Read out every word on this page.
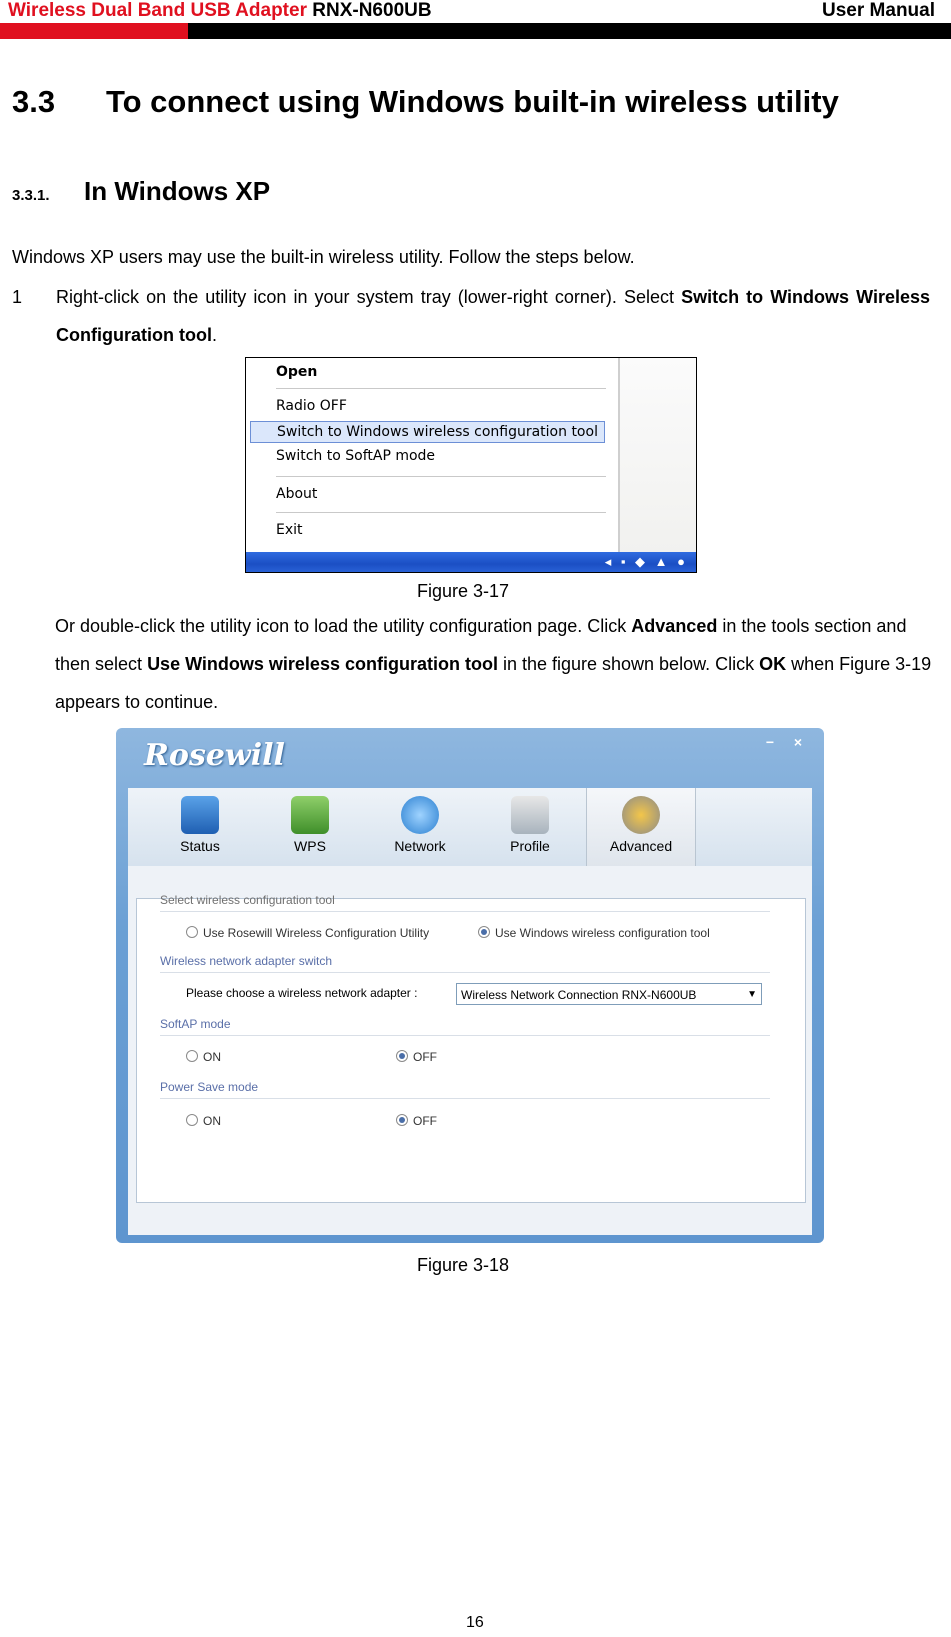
Wireless Dual Band USB Adapter RNX-N600UB	User Manual
3.3 To connect using Windows built-in wireless utility
3.3.1. In Windows XP

Windows XP users may use the built-in wireless utility. Follow the steps below.

1 Right-click on the utility icon in your system tray (lower-right corner). Select Switch to Windows Wireless Configuration tool.
Open
Radio OFF
Switch to Windows wireless configuration tool
Switch to SoftAP mode
About
Exit
◂ ▪ ◆ ▲ ●
Figure 3-17
Or double-click the utility icon to load the utility configuration page. Click Advanced in the tools section and then select Use Windows wireless configuration tool in the figure shown below. Click OK when Figure 3-19 appears to continue.
Rosewill	−	×
Status	WPS	Network	Profile	Advanced
Select wireless configuration tool
Use Rosewill Wireless Configuration Utility	Use Windows wireless configuration tool
Wireless network adapter switch
Please choose a wireless network adapter :	Wireless Network Connection RNX-N600UB	▼
SoftAP mode
ON	OFF
Power Save mode
ON	OFF
Figure 3-18
16
